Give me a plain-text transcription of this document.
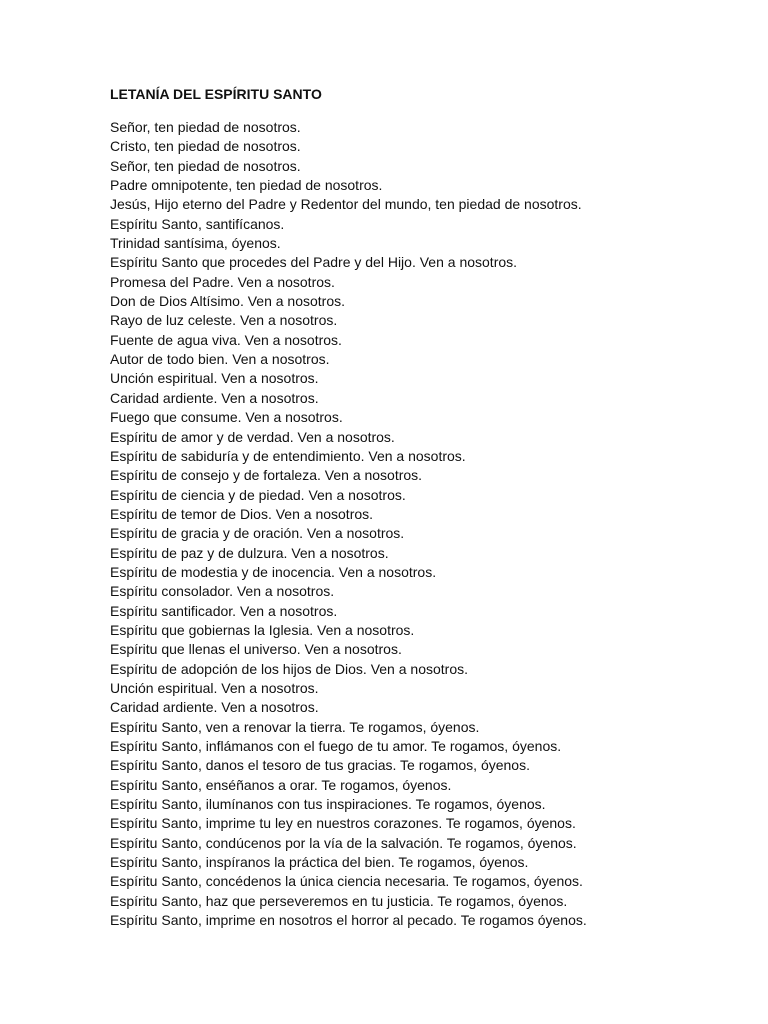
LETANÍA DEL ESPÍRITU SANTO
Señor, ten piedad de nosotros.
Cristo, ten piedad de nosotros.
Señor, ten piedad de nosotros.
Padre omnipotente, ten piedad de nosotros.
Jesús, Hijo eterno del Padre y Redentor del mundo, ten piedad de nosotros.
Espíritu Santo, santifícanos.
Trinidad santísima, óyenos.
Espíritu Santo que procedes del Padre y del Hijo. Ven a nosotros.
Promesa del Padre. Ven a nosotros.
Don de Dios Altísimo. Ven a nosotros.
Rayo de luz celeste. Ven a nosotros.
Fuente de agua viva. Ven a nosotros.
Autor de todo bien. Ven a nosotros.
Unción espiritual. Ven a nosotros.
Caridad ardiente. Ven a nosotros.
Fuego que consume. Ven a nosotros.
Espíritu de amor y de verdad. Ven a nosotros.
Espíritu de sabiduría y de entendimiento. Ven a nosotros.
Espíritu de consejo y de fortaleza. Ven a nosotros.
Espíritu de ciencia y de piedad. Ven a nosotros.
Espíritu de temor de Dios. Ven a nosotros.
Espíritu de gracia y de oración. Ven a nosotros.
Espíritu de paz y de dulzura. Ven a nosotros.
Espíritu de modestia y de inocencia. Ven a nosotros.
Espíritu consolador. Ven a nosotros.
Espíritu santificador. Ven a nosotros.
Espíritu que gobiernas la Iglesia. Ven a nosotros.
Espíritu que llenas el universo. Ven a nosotros.
Espíritu de adopción de los hijos de Dios. Ven a nosotros.
Unción espiritual. Ven a nosotros.
Caridad ardiente. Ven a nosotros.
Espíritu Santo, ven a renovar la tierra. Te rogamos, óyenos.
Espíritu Santo, inflámanos con el fuego de tu amor. Te rogamos, óyenos.
Espíritu Santo, danos el tesoro de tus gracias. Te rogamos, óyenos.
Espíritu Santo, enséñanos a orar. Te rogamos, óyenos.
Espíritu Santo, ilumínanos con tus inspiraciones. Te rogamos, óyenos.
Espíritu Santo, imprime tu ley en nuestros corazones. Te rogamos, óyenos.
Espíritu Santo, condúcenos por la vía de la salvación. Te rogamos, óyenos.
Espíritu Santo, inspíranos la práctica del bien. Te rogamos, óyenos.
Espíritu Santo, concédenos la única ciencia necesaria. Te rogamos, óyenos.
Espíritu Santo, haz que perseveremos en tu justicia. Te rogamos, óyenos.
Espíritu Santo, imprime en nosotros el horror al pecado. Te rogamos óyenos.
